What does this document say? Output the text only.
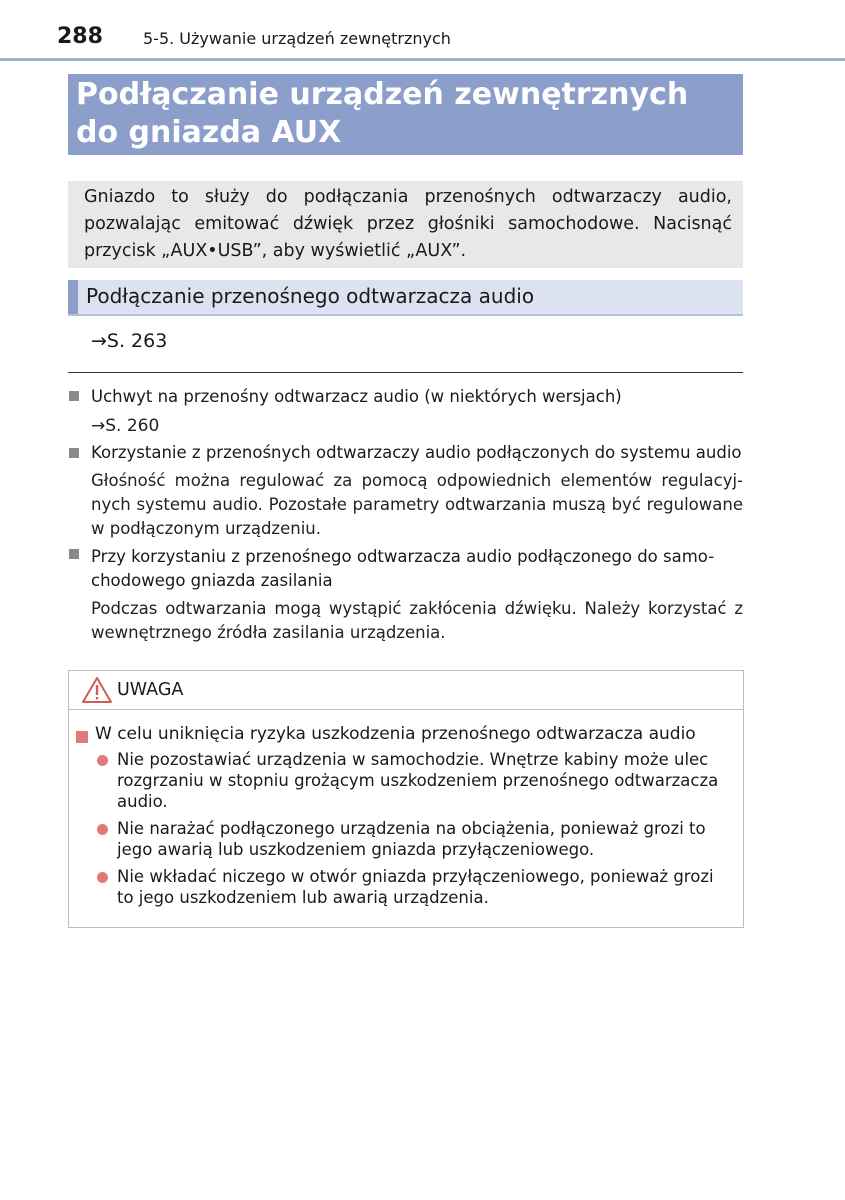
288	5-5. Używanie urządzeń zewnętrznych
Podłączanie urządzeń zewnętrznych do gniazda AUX
Gniazdo to służy do podłączania przenośnych odtwarzaczy audio, pozwalając emitować dźwięk przez głośniki samochodowe. Nacisnąć przycisk „AUX•USB”, aby wyświetlić „AUX”.
Podłączanie przenośnego odtwarzacza audio
→S. 263
Uchwyt na przenośny odtwarzacz audio (w niektórych wersjach)
→S. 260
Korzystanie z przenośnych odtwarzaczy audio podłączonych do systemu audio
Głośność można regulować za pomocą odpowiednich elementów regulacyj-nych systemu audio. Pozostałe parametry odtwarzania muszą być regulowane w podłączonym urządzeniu.
Przy korzystaniu z przenośnego odtwarzacza audio podłączonego do samo-chodowego gniazda zasilania
Podczas odtwarzania mogą wystąpić zakłócenia dźwięku. Należy korzystać z wewnętrznego źródła zasilania urządzenia.
UWAGA
W celu uniknięcia ryzyka uszkodzenia przenośnego odtwarzacza audio
Nie pozostawiać urządzenia w samochodzie. Wnętrze kabiny może ulec rozgrzaniu w stopniu grożącym uszkodzeniem przenośnego odtwarzacza audio.
Nie narażać podłączonego urządzenia na obciążenia, ponieważ grozi to jego awarią lub uszkodzeniem gniazda przyłączeniowego.
Nie wkładać niczego w otwór gniazda przyłączeniowego, ponieważ grozi to jego uszkodzeniem lub awarią urządzenia.
